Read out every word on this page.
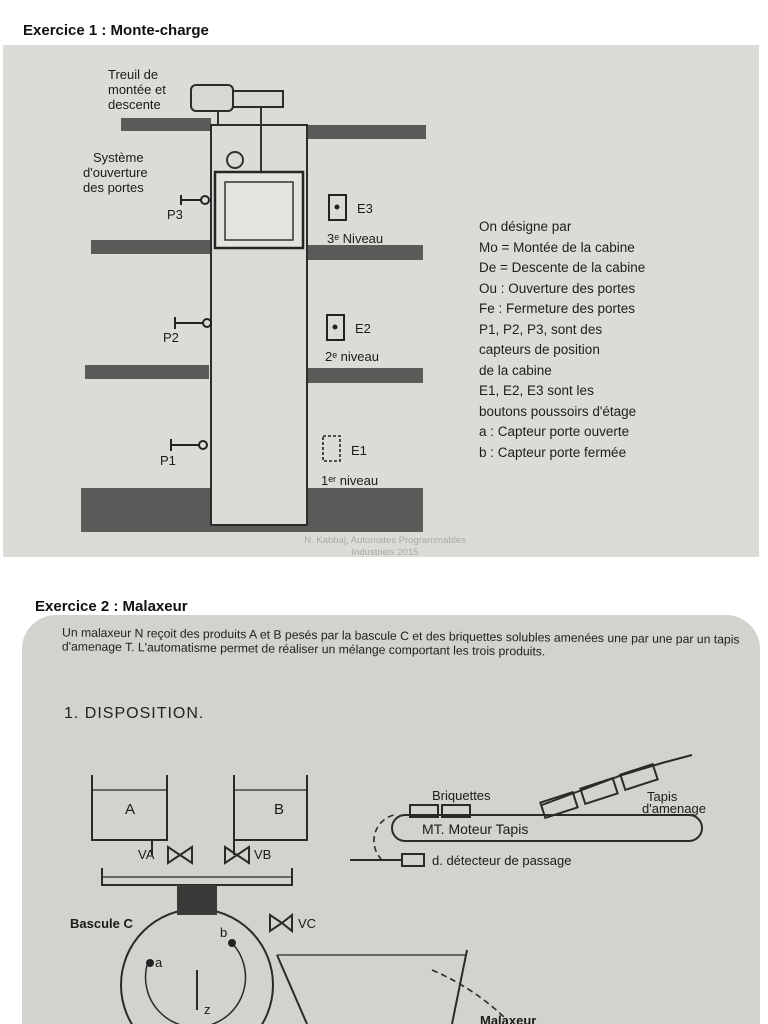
Exercice 1 : Monte-charge
Treuil de
montée et
descente
Système
d'ouverture
des portes
P3
P2
P1
E3
E2
E1
3ᵉ Niveau
2ᵉ niveau
1ᵉʳ niveau
On désigne par
Mo = Montée de la cabine
De = Descente de la cabine
Ou : Ouverture des portes
Fe : Fermeture des portes
P1, P2, P3, sont des
capteurs de position
de la cabine
E1, E2, E3 sont les
boutons poussoirs d'étage
a : Capteur porte ouverte
b : Capteur porte fermée
N. Kabbaj, Automates Programmables
Industriels 2015
Exercice 2 : Malaxeur
Un malaxeur N reçoit des produits A et B pesés par la bascule C et des briquettes solubles amenées une par une par un tapis d'amenage T. L'automatisme permet de réaliser un mélange comportant les trois produits.
1. DISPOSITION.
A	B
VA	VB
VC
Bascule C
Briquettes	Tapis
d'amenage
MT. Moteur Tapis
d. détecteur de passage
a
b
z
Malaxeur
